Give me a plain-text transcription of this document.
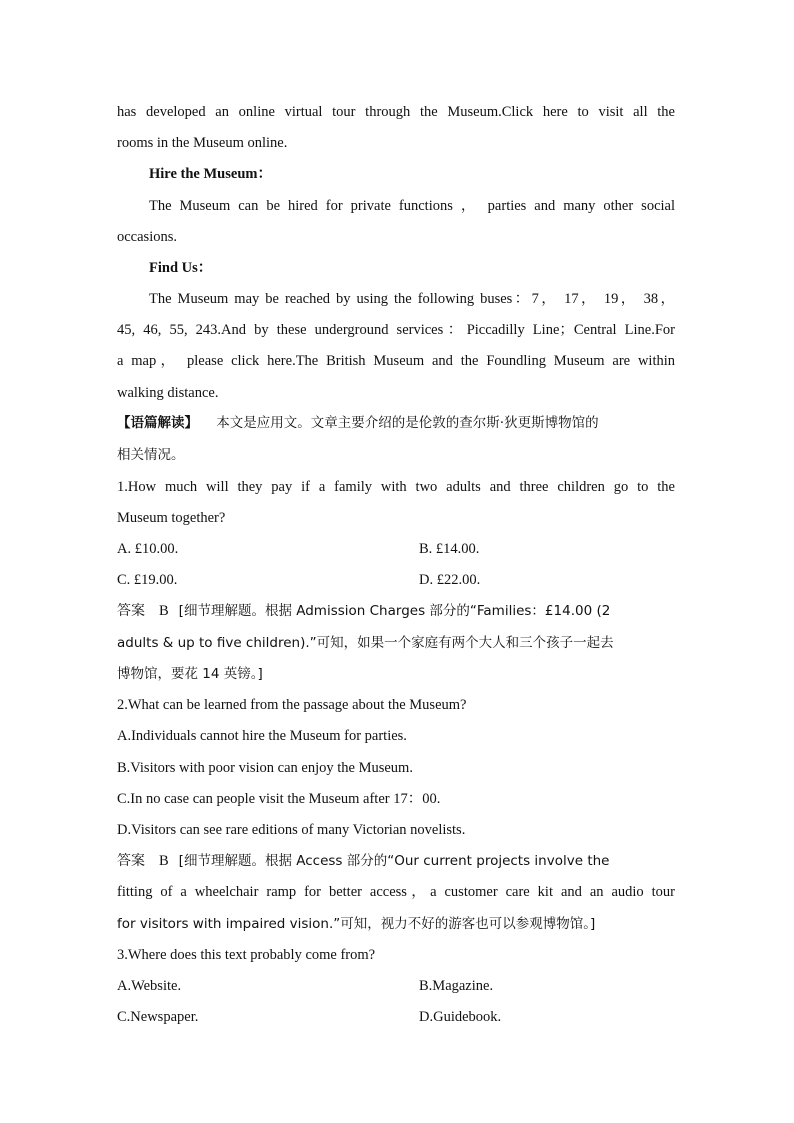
has developed an online virtual tour through the Museum.Click here to visit all the
rooms in the Museum online.
Hire the Museum：
The Museum can be hired for private functions ， parties and many other social
occasions.
Find Us：
The Museum may be reached by using the following buses：7， 17， 19， 38，
45, 46, 55, 243.And by these underground services：Piccadilly Line；Central Line.For
a map， please click here.The British Museum and the Foundling Museum are within
walking distance.
【语篇解读】 本文是应用文。文章主要介绍的是伦敦的查尔斯·狄更斯博物馆的
相关情况。
1.How much will they pay if a family with two adults and three children go to the
Museum together?
A. £10.00.	B. £14.00.
C. £19.00.	D. £22.00.
答案 B [细节理解题。根据 Admission Charges 部分的“Families：£14.00 (2
adults & up to five children).”可知，如果一个家庭有两个大人和三个孩子一起去
博物馆，要花 14 英镑。]
2.What can be learned from the passage about the Museum?
A.Individuals cannot hire the Museum for parties.
B.Visitors with poor vision can enjoy the Museum.
C.In no case can people visit the Museum after 17：00.
D.Visitors can see rare editions of many Victorian novelists.
答案 B [细节理解题。根据 Access 部分的“Our current projects involve the
fitting of a wheelchair ramp for better access，a customer care kit and an audio tour
for visitors with impaired vision.”可知，视力不好的游客也可以参观博物馆。]
3.Where does this text probably come from?
A.Website.	B.Magazine.
C.Newspaper.	D.Guidebook.
